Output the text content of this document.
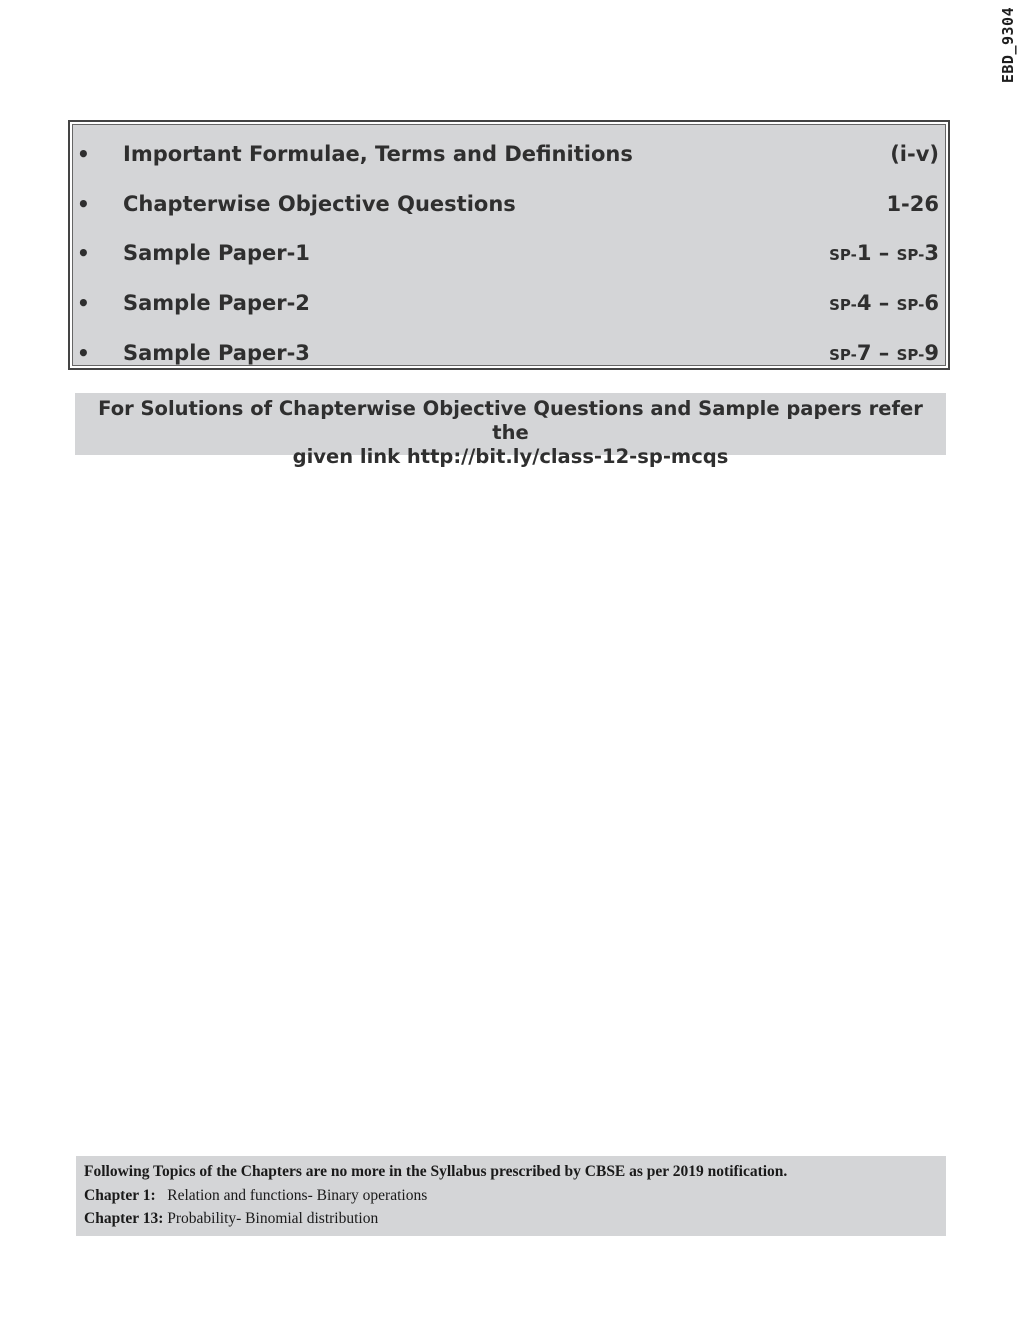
EBD_9304
• Important Formulae, Terms and Definitions	(i-v)
• Chapterwise Objective Questions	1-26
• Sample Paper-1	SP-1 – SP-3
• Sample Paper-2	SP-4 – SP-6
• Sample Paper-3	SP-7 – SP-9
For Solutions of Chapterwise Objective Questions and Sample papers refer the
given link http://bit.ly/class-12-sp-mcqs
Following Topics of the Chapters are no more in the Syllabus prescribed by CBSE as per 2019 notification.
Chapter 1: Relation and functions- Binary operations
Chapter 13: Probability- Binomial distribution
